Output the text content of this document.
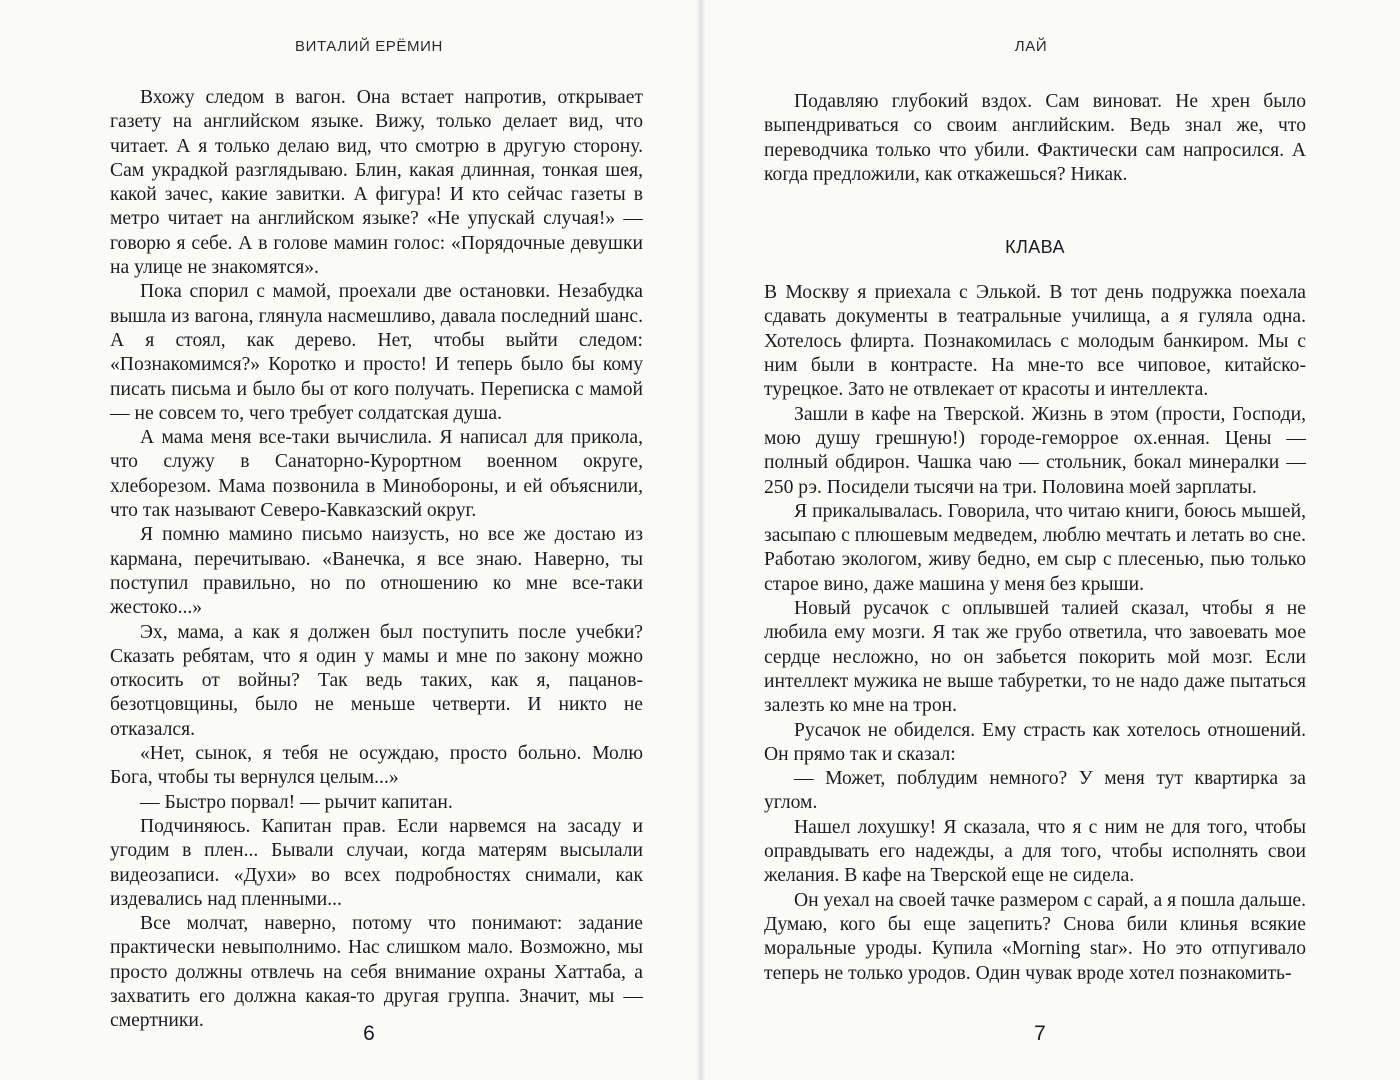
ВИТАЛИЙ ЕРЁМИН

Вхожу следом в вагон. Она встает напротив, открывает газету на английском языке. Вижу, только делает вид, что читает. А я только делаю вид, что смотрю в другую сторону. Сам украдкой разглядываю. Блин, какая длинная, тонкая шея, какой зачес, какие завитки. А фигура! И кто сейчас газеты в метро читает на английском языке? «Не упускай случая!» — говорю я себе. А в голове мамин голос: «Порядочные девушки на улице не знакомятся».

Пока спорил с мамой, проехали две остановки. Незабудка вышла из вагона, глянула насмешливо, давала последний шанс. А я стоял, как дерево. Нет, чтобы выйти следом: «Познакомимся?» Коротко и просто! И теперь было бы кому писать письма и было бы от кого получать. Переписка с мамой — не совсем то, чего требует солдатская душа.

А мама меня все-таки вычислила. Я написал для прикола, что служу в Санаторно-Курортном военном округе, хлеборезом. Мама позвонила в Минобороны, и ей объяснили, что так называют Северо-Кавказский округ.

Я помню мамино письмо наизусть, но все же достаю из кармана, перечитываю. «Ванечка, я все знаю. Наверно, ты поступил правильно, но по отношению ко мне все-таки жестоко...»

Эх, мама, а как я должен был поступить после учебки? Сказать ребятам, что я один у мамы и мне по закону можно откосить от войны? Так ведь таких, как я, пацанов-безотцовщины, было не меньше четверти. И никто не отказался.

«Нет, сынок, я тебя не осуждаю, просто больно. Молю Бога, чтобы ты вернулся целым...»

— Быстро порвал! — рычит капитан.

Подчиняюсь. Капитан прав. Если нарвемся на засаду и угодим в плен... Бывали случаи, когда матерям высылали видеозаписи. «Духи» во всех подробностях снимали, как издевались над пленными...

Все молчат, наверно, потому что понимают: задание практически невыполнимо. Нас слишком мало. Возможно, мы просто должны отвлечь на себя внимание охраны Хаттаба, а захватить его должна какая-то другая группа. Значит, мы — смертники.

6
ЛАЙ

Подавляю глубокий вздох. Сам виноват. Не хрен было выпендриваться со своим английским. Ведь знал же, что переводчика только что убили. Фактически сам напросился. А когда предложили, как откажешься? Никак.

КЛАВА

В Москву я приехала с Элькой. В тот день подружка поехала сдавать документы в театральные училища, а я гуляла одна. Хотелось флирта. Познакомилась с молодым банкиром. Мы с ним были в контрасте. На мне-то все чиповое, китайско-турецкое. Зато не отвлекает от красоты и интеллекта.

Зашли в кафе на Тверской. Жизнь в этом (прости, Господи, мою душу грешную!) городе-геморрое ох.енная. Цены — полный обдирон. Чашка чаю — стольник, бокал минералки — 250 рэ. Посидели тысячи на три. Половина моей зарплаты.

Я прикалывалась. Говорила, что читаю книги, боюсь мышей, засыпаю с плюшевым медведем, люблю мечтать и летать во сне. Работаю экологом, живу бедно, ем сыр с плесенью, пью только старое вино, даже машина у меня без крыши.

Новый русачок с оплывшей талией сказал, чтобы я не любила ему мозги. Я так же грубо ответила, что завоевать мое сердце несложно, но он забьется покорить мой мозг. Если интеллект мужика не выше табуретки, то не надо даже пытаться залезть ко мне на трон.

Русачок не обиделся. Ему страсть как хотелось отношений. Он прямо так и сказал:

— Может, поблудим немного? У меня тут квартирка за углом.

Нашел лохушку! Я сказала, что я с ним не для того, чтобы оправдывать его надежды, а для того, чтобы исполнять свои желания. В кафе на Тверской еще не сидела.

Он уехал на своей тачке размером с сарай, а я пошла дальше. Думаю, кого бы еще зацепить? Снова били клинья всякие моральные уроды. Купила «Morning star». Но это отпугивало теперь не только уродов. Один чувак вроде хотел познакомить-

7
